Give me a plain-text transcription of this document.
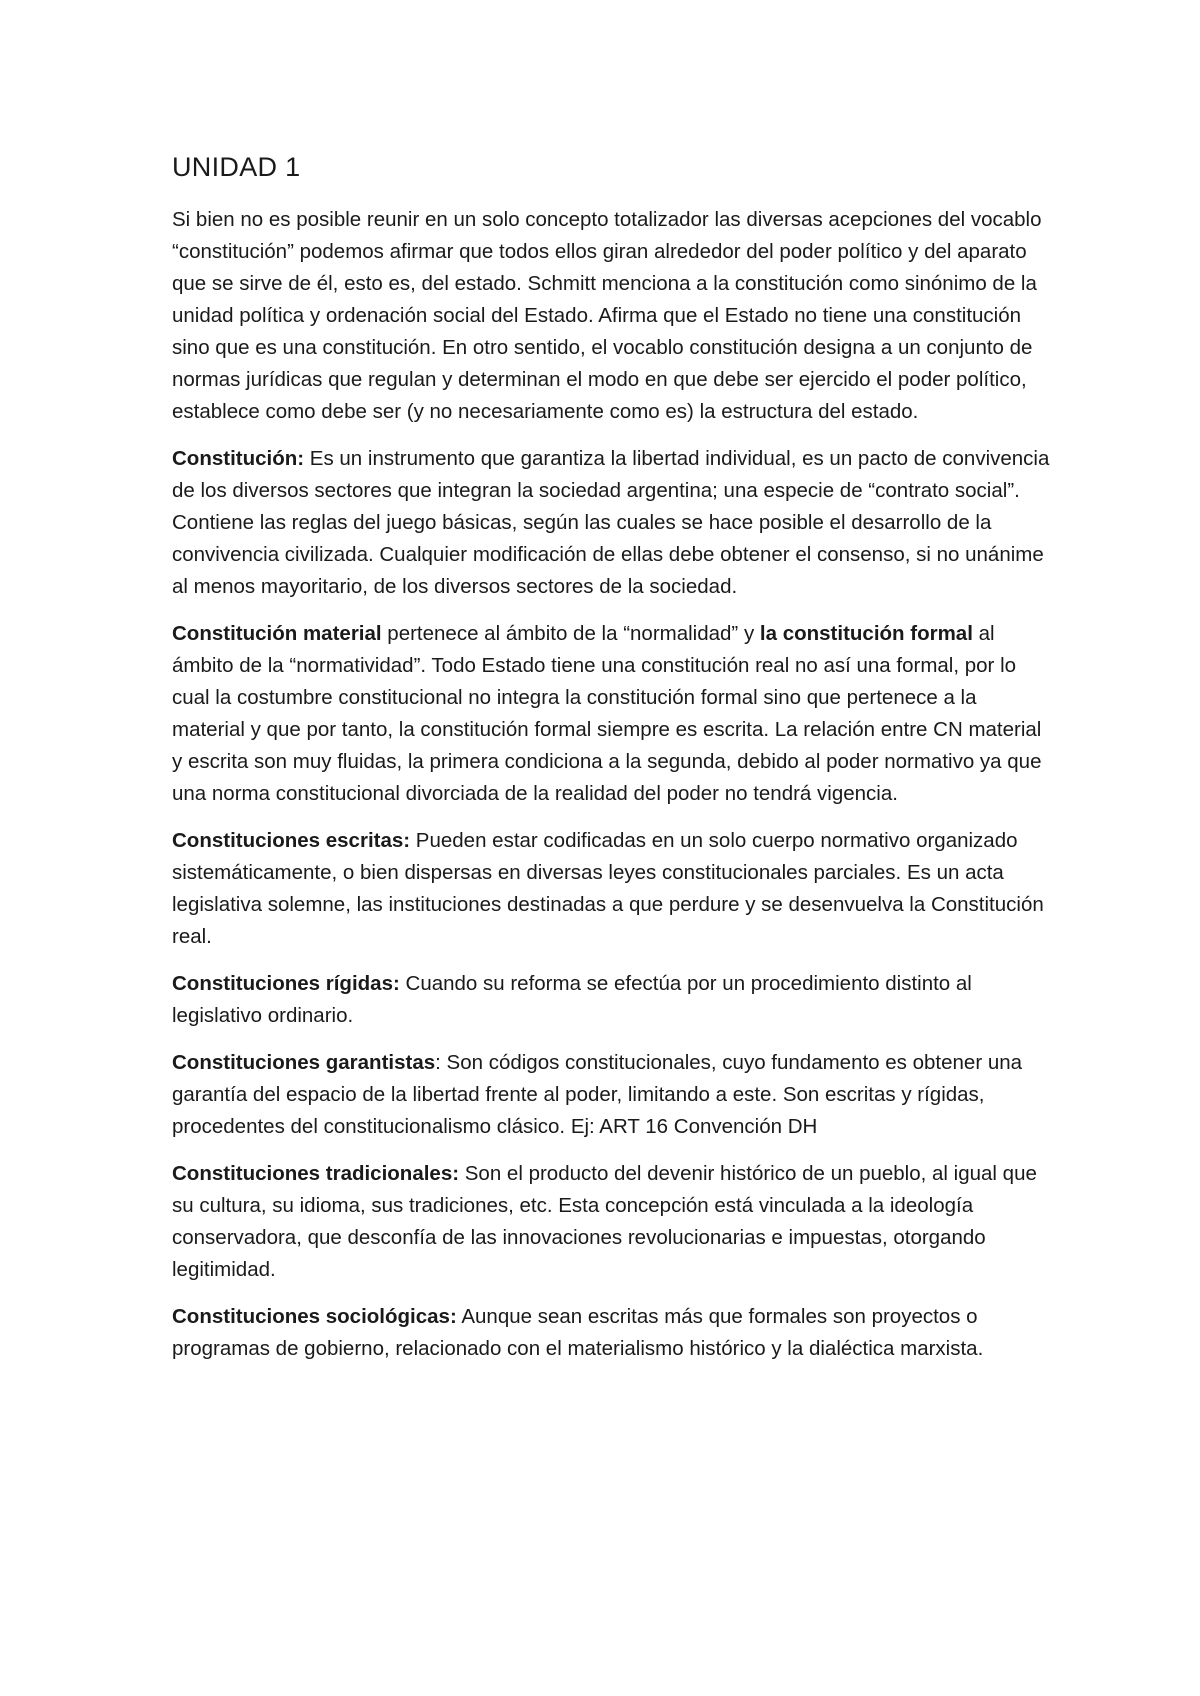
UNIDAD 1

Si bien no es posible reunir en un solo concepto totalizador las diversas acepciones del vocablo “constitución” podemos afirmar que todos ellos giran alrededor del poder político y del aparato que se sirve de él, esto es, del estado. Schmitt menciona a la constitución como sinónimo de la unidad política y ordenación social del Estado. Afirma que el Estado no tiene una constitución sino que es una constitución. En otro sentido, el vocablo constitución designa a un conjunto de normas jurídicas que regulan y determinan el modo en que debe ser ejercido el poder político, establece como debe ser (y no necesariamente como es) la estructura del estado.

Constitución: Es un instrumento que garantiza la libertad individual, es un pacto de convivencia de los diversos sectores que integran la sociedad argentina; una especie de “contrato social”. Contiene las reglas del juego básicas, según las cuales se hace posible el desarrollo de la convivencia civilizada. Cualquier modificación de ellas debe obtener el consenso, si no unánime al menos mayoritario, de los diversos sectores de la sociedad.

Constitución material pertenece al ámbito de la “normalidad” y la constitución formal al ámbito de la “normatividad”. Todo Estado tiene una constitución real no así una formal, por lo cual la costumbre constitucional no integra la constitución formal sino que pertenece a la material y que por tanto, la constitución formal siempre es escrita. La relación entre CN material y escrita son muy fluidas, la primera condiciona a la segunda, debido al poder normativo ya que una norma constitucional divorciada de la realidad del poder no tendrá vigencia.

Constituciones escritas: Pueden estar codificadas en un solo cuerpo normativo organizado sistemáticamente, o bien dispersas en diversas leyes constitucionales parciales. Es un acta legislativa solemne, las instituciones destinadas a que perdure y se desenvuelva la Constitución real.

Constituciones rígidas: Cuando su reforma se efectúa por un procedimiento distinto al legislativo ordinario.

Constituciones garantistas: Son códigos constitucionales, cuyo fundamento es obtener una garantía del espacio de la libertad frente al poder, limitando a este. Son escritas y rígidas, procedentes del constitucionalismo clásico. Ej: ART 16 Convención DH

Constituciones tradicionales: Son el producto del devenir histórico de un pueblo, al igual que su cultura, su idioma, sus tradiciones, etc. Esta concepción está vinculada a la ideología conservadora, que desconfía de las innovaciones revolucionarias e impuestas, otorgando legitimidad.

Constituciones sociológicas: Aunque sean escritas más que formales son proyectos o programas de gobierno, relacionado con el materialismo histórico y la dialéctica marxista.
